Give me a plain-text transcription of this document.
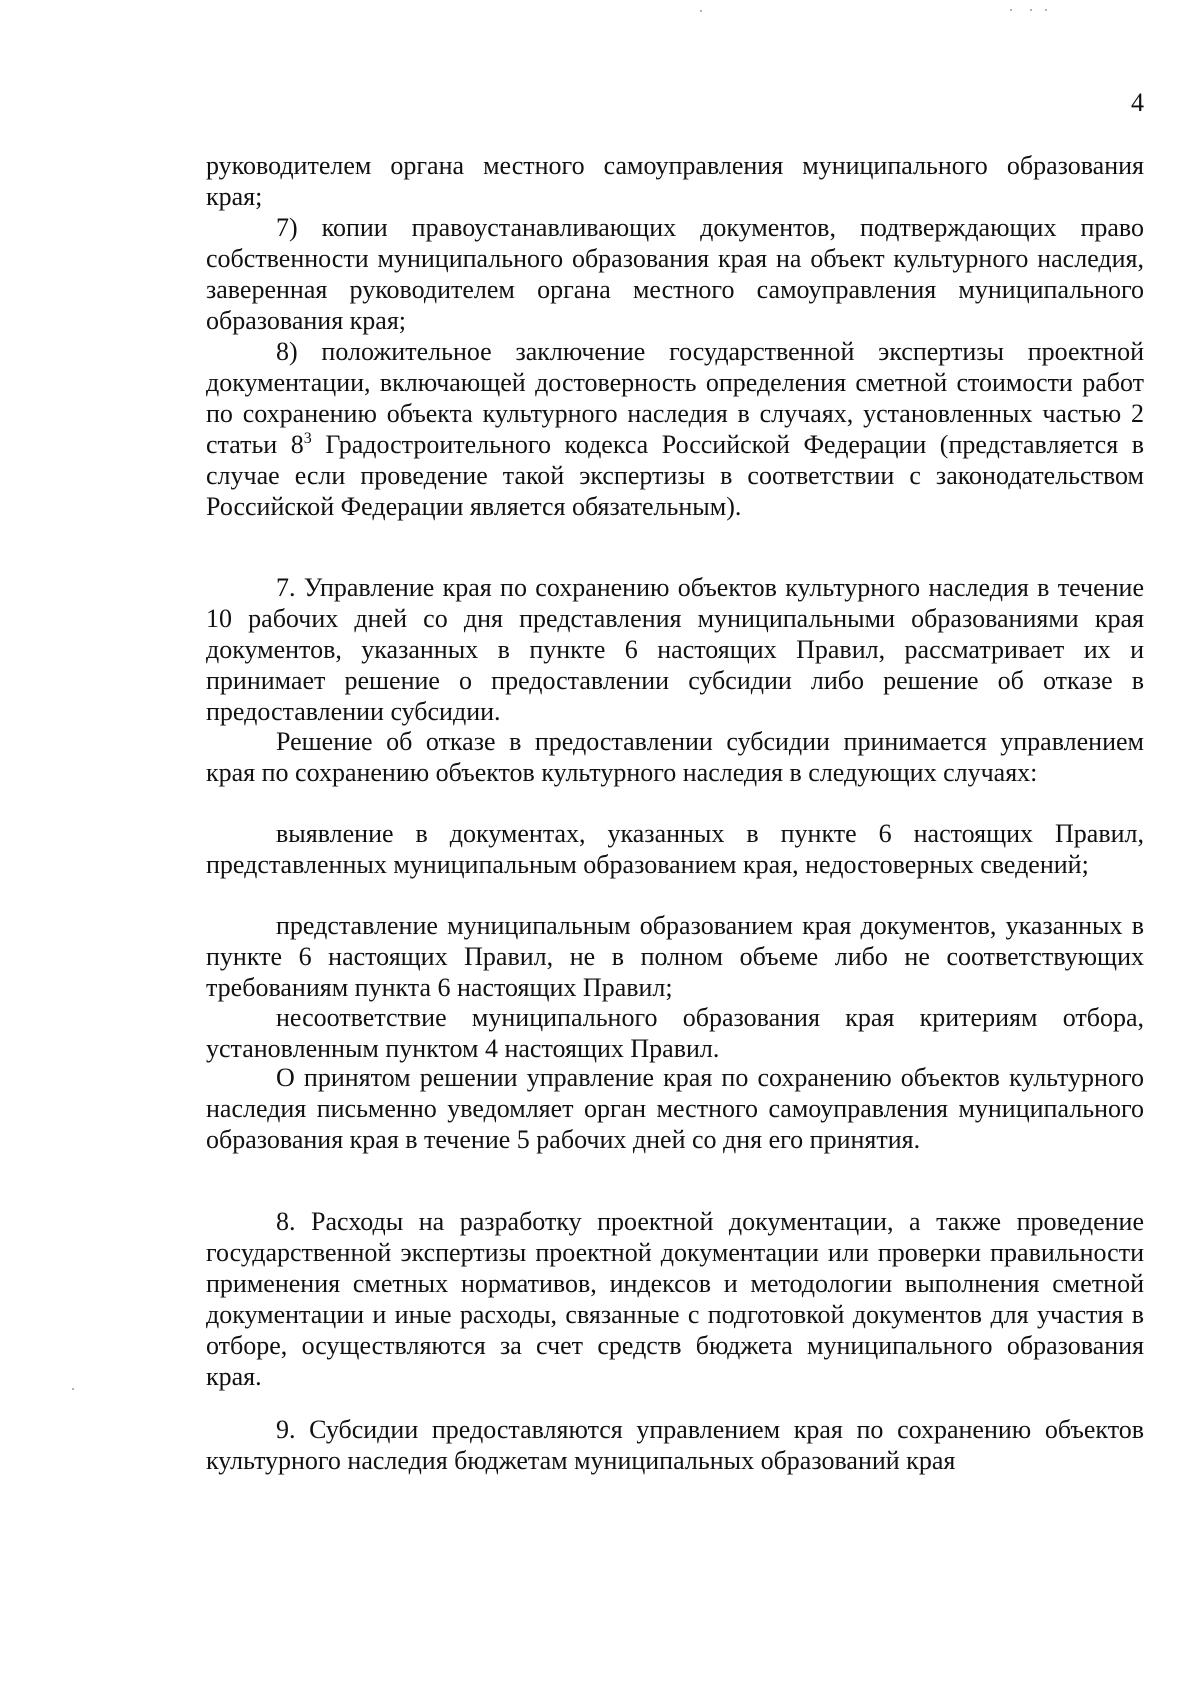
4

руководителем органа местного самоуправления муниципального образования края;

7) копии правоустанавливающих документов, подтверждающих право собственности муниципального образования края на объект культурного наследия, заверенная руководителем органа местного самоуправления муниципального образования края;

8) положительное заключение государственной экспертизы проектной документации, включающей достоверность определения сметной стоимости работ по сохранению объекта культурного наследия в случаях, установленных частью 2 статьи $8^3$ Градостроительного кодекса Российской Федерации (представляется в случае если проведение такой экспертизы в соответствии с законодательством Российской Федерации является обязательным).

7. Управление края по сохранению объектов культурного наследия в течение 10 рабочих дней со дня представления муниципальными образованиями края документов, указанных в пункте 6 настоящих Правил, рассматривает их и принимает решение о предоставлении субсидии либо решение об отказе в предоставлении субсидии.

Решение об отказе в предоставлении субсидии принимается управлением края по сохранению объектов культурного наследия в следующих случаях:

выявление в документах, указанных в пункте 6 настоящих Правил, представленных муниципальным образованием края, недостоверных сведений;

представление муниципальным образованием края документов, указанных в пункте 6 настоящих Правил, не в полном объеме либо не соответствующих требованиям пункта 6 настоящих Правил;

несоответствие муниципального образования края критериям отбора, установленным пунктом 4 настоящих Правил.

О принятом решении управление края по сохранению объектов культурного наследия письменно уведомляет орган местного самоуправления муниципального образования края в течение 5 рабочих дней со дня его принятия.

8. Расходы на разработку проектной документации, а также проведение государственной экспертизы проектной документации или проверки правильности применения сметных нормативов, индексов и методологии выполнения сметной документации и иные расходы, связанные с подготовкой документов для участия в отборе, осуществляются за счет средств бюджета муниципального образования края.

9. Субсидии предоставляются управлением края по сохранению объектов культурного наследия бюджетам муниципальных образований края
